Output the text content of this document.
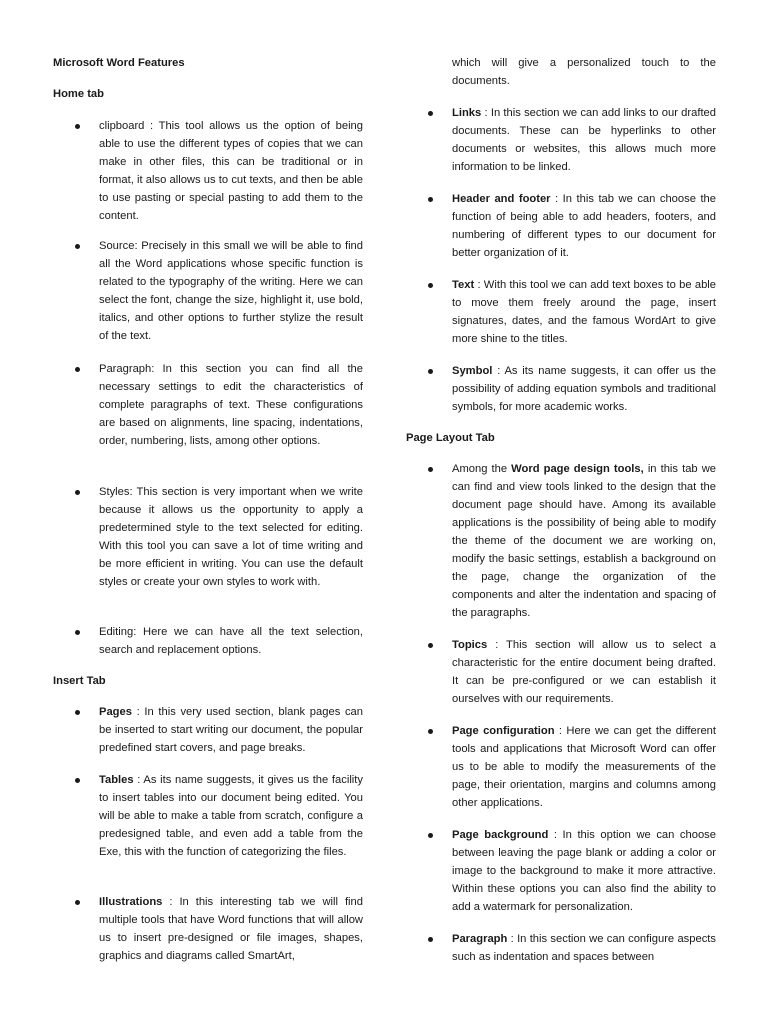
Microsoft Word Features
Home tab
clipboard : This tool allows us the option of being able to use the different types of copies that we can make in other files, this can be traditional or in format, it also allows us to cut texts, and then be able to use pasting or special pasting to add them to the content.
Source: Precisely in this small we will be able to find all the Word applications whose specific function is related to the typography of the writing. Here we can select the font, change the size, highlight it, use bold, italics, and other options to further stylize the result of the text.
Paragraph: In this section you can find all the necessary settings to edit the characteristics of complete paragraphs of text. These configurations are based on alignments, line spacing, indentations, order, numbering, lists, among other options.
Styles: This section is very important when we write because it allows us the opportunity to apply a predetermined style to the text selected for editing. With this tool you can save a lot of time writing and be more efficient in writing. You can use the default styles or create your own styles to work with.
Editing: Here we can have all the text selection, search and replacement options.
Insert Tab
Pages : In this very used section, blank pages can be inserted to start writing our document, the popular predefined start covers, and page breaks.
Tables : As its name suggests, it gives us the facility to insert tables into our document being edited. You will be able to make a table from scratch, configure a predesigned table, and even add a table from the Exe, this with the function of categorizing the files.
Illustrations : In this interesting tab we will find multiple tools that have Word functions that will allow us to insert pre-designed or file images, shapes, graphics and diagrams called SmartArt,
which will give a personalized touch to the documents.
Links : In this section we can add links to our drafted documents. These can be hyperlinks to other documents or websites, this allows much more information to be linked.
Header and footer : In this tab we can choose the function of being able to add headers, footers, and numbering of different types to our document for better organization of it.
Text : With this tool we can add text boxes to be able to move them freely around the page, insert signatures, dates, and the famous WordArt to give more shine to the titles.
Symbol : As its name suggests, it can offer us the possibility of adding equation symbols and traditional symbols, for more academic works.
Page Layout Tab
Among the Word page design tools, in this tab we can find and view tools linked to the design that the document page should have. Among its available applications is the possibility of being able to modify the theme of the document we are working on, modify the basic settings, establish a background on the page, change the organization of the components and alter the indentation and spacing of the paragraphs.
Topics : This section will allow us to select a characteristic for the entire document being drafted. It can be pre-configured or we can establish it ourselves with our requirements.
Page configuration : Here we can get the different tools and applications that Microsoft Word can offer us to be able to modify the measurements of the page, their orientation, margins and columns among other applications.
Page background : In this option we can choose between leaving the page blank or adding a color or image to the background to make it more attractive. Within these options you can also find the ability to add a watermark for personalization.
Paragraph : In this section we can configure aspects such as indentation and spaces between
